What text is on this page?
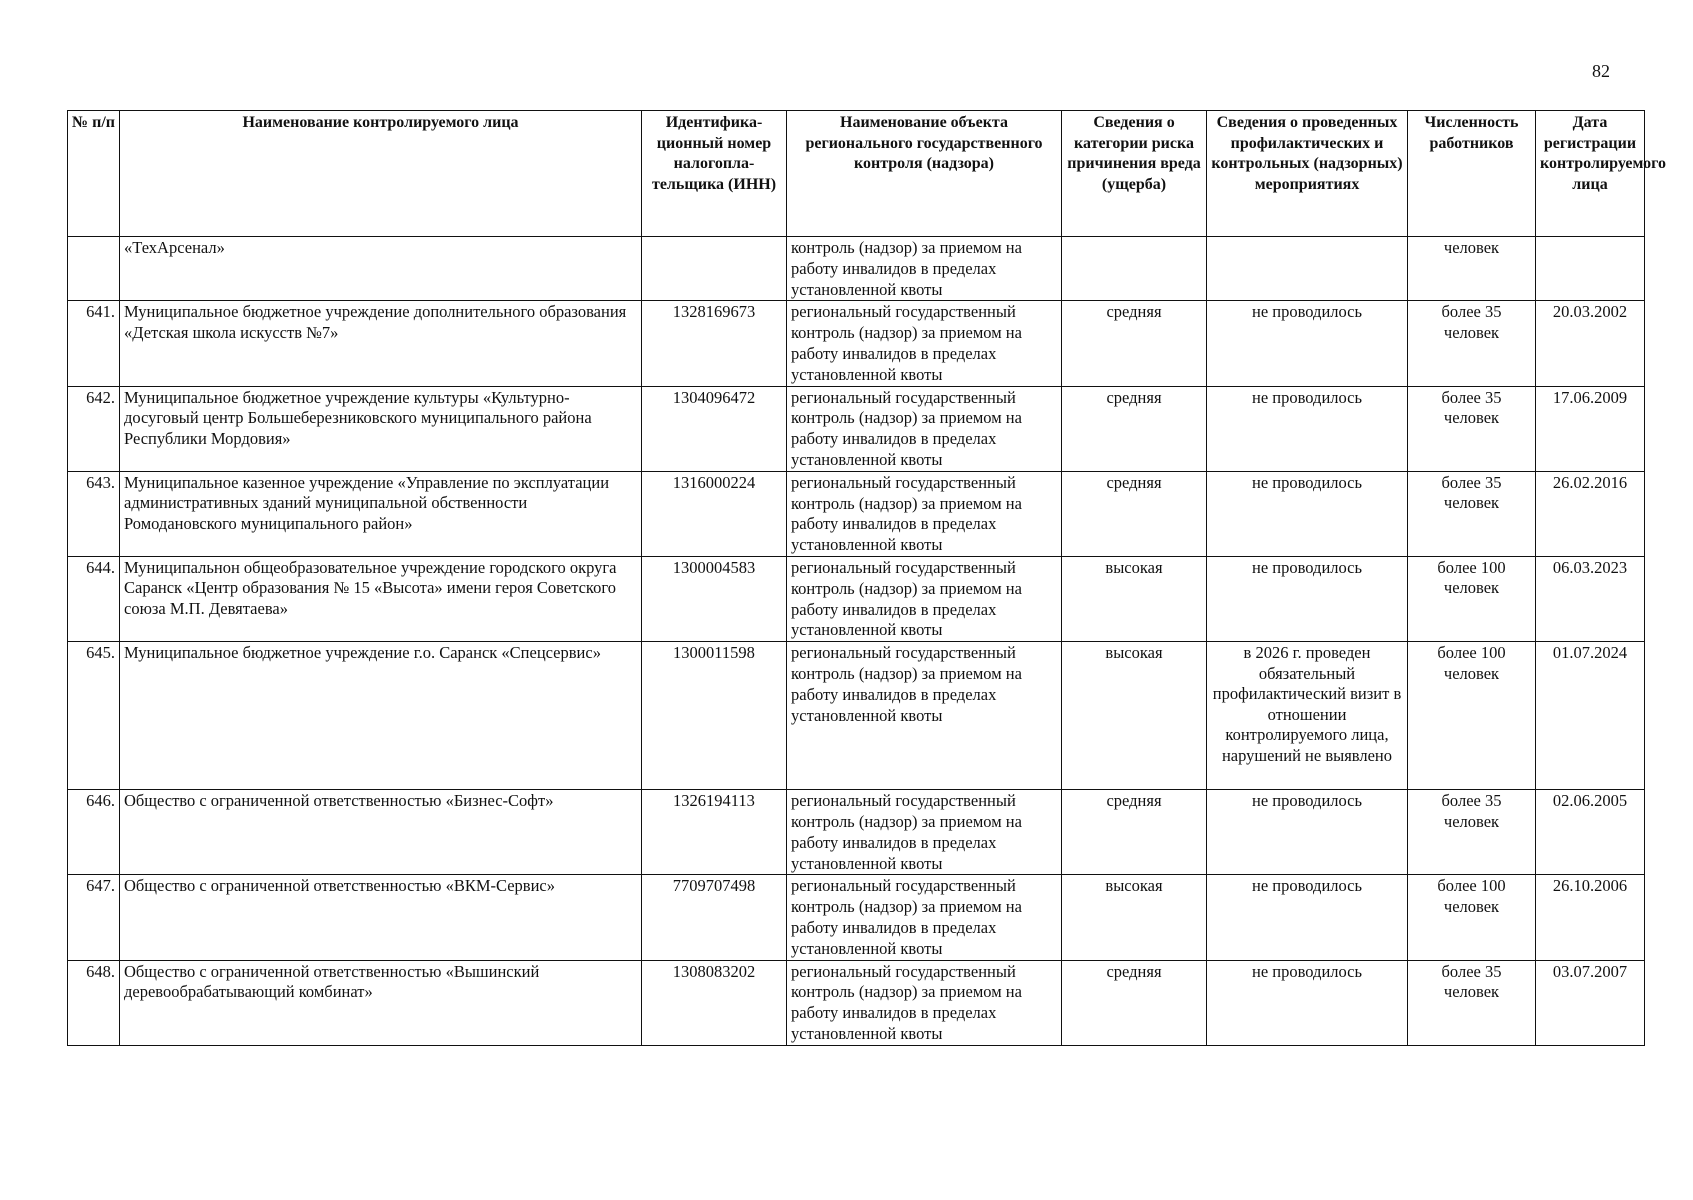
82
№ п/п	Наименование контролируемого лица	Идентифика-ционный номер налогопла-тельщика (ИНН)	Наименование объекта регионального государственного контроля (надзора)	Сведения о категории риска причинения вреда (ущерба)	Сведения о проведенных профилактических и контрольных (надзорных) мероприятиях	Численность работников	Дата регистрации контролируемого лица
	«ТехАрсенал»		контроль (надзор) за приемом на работу инвалидов в пределах установленной квоты			человек	
641.	Муниципальное бюджетное учреждение дополнительного образования «Детская школа искусств №7»	1328169673	региональный государственный контроль (надзор) за приемом на работу инвалидов в пределах установленной квоты	средняя	не проводилось	более 35 человек	20.03.2002
642.	Муниципальное бюджетное учреждение культуры «Культурно-досуговый центр Большеберезниковского муниципального района Республики Мордовия»	1304096472	региональный государственный контроль (надзор) за приемом на работу инвалидов в пределах установленной квоты	средняя	не проводилось	более 35 человек	17.06.2009
643.	Муниципальное казенное учреждение «Управление по эксплуатации административных зданий муниципальной обственности Ромодановского муниципального район»	1316000224	региональный государственный контроль (надзор) за приемом на работу инвалидов в пределах установленной квоты	средняя	не проводилось	более 35 человек	26.02.2016
644.	Муниципальнон общеобразовательное учреждение городского округа Саранск «Центр образования № 15 «Высота» имени героя Советского союза М.П. Девятаева»	1300004583	региональный государственный контроль (надзор) за приемом на работу инвалидов в пределах установленной квоты	высокая	не проводилось	более 100 человек	06.03.2023
645.	Муниципальное бюджетное учреждение г.о. Саранск «Спецсервис»	1300011598	региональный государственный контроль (надзор) за приемом на работу инвалидов в пределах установленной квоты	высокая	в 2026 г. проведен обязательный профилактический визит в отношении контролируемого лица, нарушений не выявлено	более 100 человек	01.07.2024
646.	Общество с ограниченной ответственностью «Бизнес-Софт»	1326194113	региональный государственный контроль (надзор) за приемом на работу инвалидов в пределах установленной квоты	средняя	не проводилось	более 35 человек	02.06.2005
647.	Общество с ограниченной ответственностью «ВКМ-Сервис»	7709707498	региональный государственный контроль (надзор) за приемом на работу инвалидов в пределах установленной квоты	высокая	не проводилось	более 100 человек	26.10.2006
648.	Общество с ограниченной ответственностью «Вышинский деревообрабатывающий комбинат»	1308083202	региональный государственный контроль (надзор) за приемом на работу инвалидов в пределах установленной квоты	средняя	не проводилось	более 35 человек	03.07.2007
